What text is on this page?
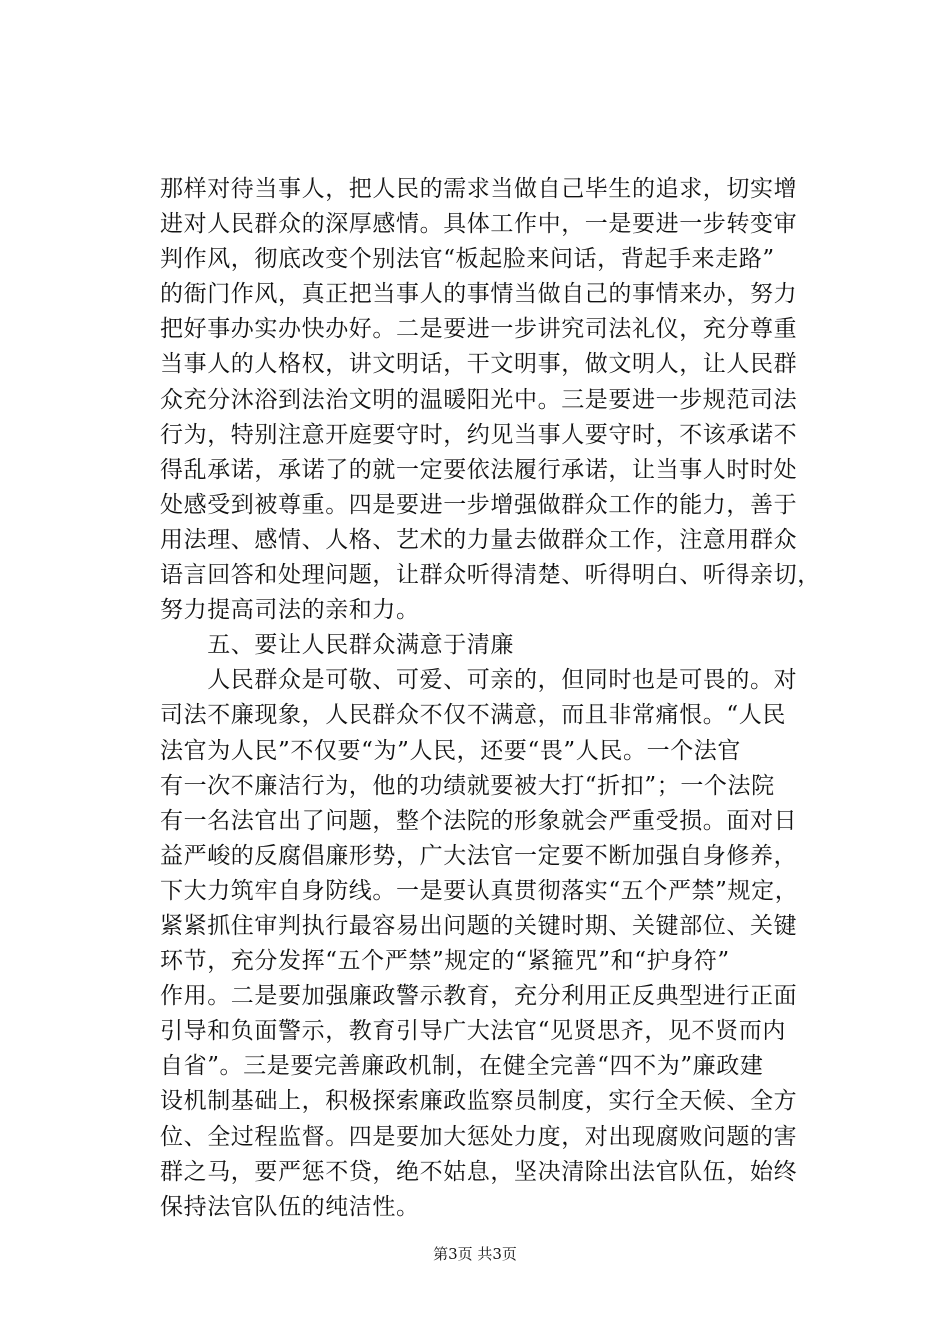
那样对待当事人，把人民的需求当做自己毕生的追求，切实增
进对人民群众的深厚感情。具体工作中，一是要进一步转变审
判作风，彻底改变个别法官“板起脸来问话，背起手来走路”
的衙门作风，真正把当事人的事情当做自己的事情来办，努力
把好事办实办快办好。二是要进一步讲究司法礼仪，充分尊重
当事人的人格权，讲文明话，干文明事，做文明人，让人民群
众充分沐浴到法治文明的温暖阳光中。三是要进一步规范司法
行为，特别注意开庭要守时，约见当事人要守时，不该承诺不
得乱承诺，承诺了的就一定要依法履行承诺，让当事人时时处
处感受到被尊重。四是要进一步增强做群众工作的能力，善于
用法理、感情、人格、艺术的力量去做群众工作，注意用群众
语言回答和处理问题，让群众听得清楚、听得明白、听得亲切，
努力提高司法的亲和力。
　　五、要让人民群众满意于清廉
　　人民群众是可敬、可爱、可亲的，但同时也是可畏的。对
司法不廉现象，人民群众不仅不满意，而且非常痛恨。“人民
法官为人民”不仅要“为”人民，还要“畏”人民。一个法官
有一次不廉洁行为，他的功绩就要被大打“折扣”；一个法院
有一名法官出了问题，整个法院的形象就会严重受损。面对日
益严峻的反腐倡廉形势，广大法官一定要不断加强自身修养，
下大力筑牢自身防线。一是要认真贯彻落实“五个严禁”规定，
紧紧抓住审判执行最容易出问题的关键时期、关键部位、关键
环节，充分发挥“五个严禁”规定的“紧箍咒”和“护身符”
作用。二是要加强廉政警示教育，充分利用正反典型进行正面
引导和负面警示，教育引导广大法官“见贤思齐，见不贤而内
自省”。三是要完善廉政机制，在健全完善“四不为”廉政建
设机制基础上，积极探索廉政监察员制度，实行全天候、全方
位、全过程监督。四是要加大惩处力度，对出现腐败问题的害
群之马，要严惩不贷，绝不姑息，坚决清除出法官队伍，始终
保持法官队伍的纯洁性。
第3页 共3页
